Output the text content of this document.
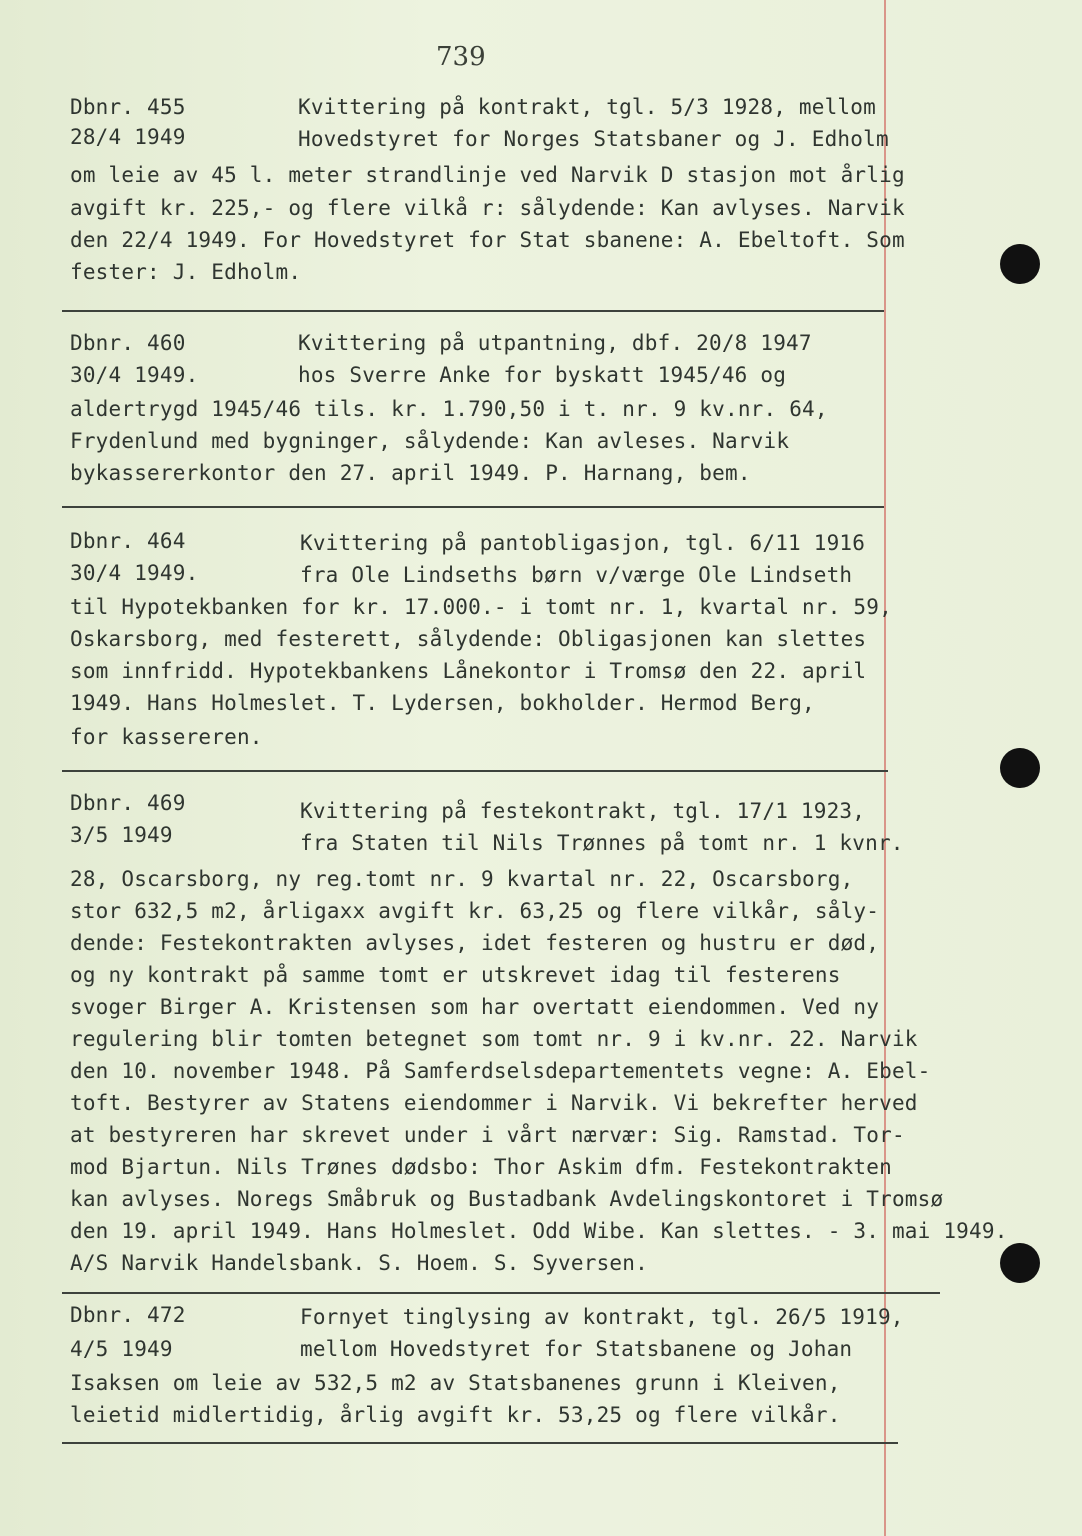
739
Dbnr. 455
28/4 1949
Kvittering på kontrakt, tgl. 5/3 1928, mellom
Hovedstyret for Norges Statsbaner og J. Edholm
om leie av 45 l. meter strandlinje ved Narvik D stasjon mot årlig
avgift kr. 225,- og flere vilkå r: sålydende: Kan avlyses. Narvik
den 22/4 1949. For Hovedstyret for Stat sbanene: A. Ebeltoft. Som
fester: J. Edholm.
Dbnr. 460
30/4 1949.
Kvittering på utpantning, dbf. 20/8 1947
hos Sverre Anke for byskatt 1945/46 og
aldertrygd 1945/46 tils. kr. 1.790,50 i t. nr. 9 kv.nr. 64,
Frydenlund med bygninger, sålydende: Kan avleses. Narvik
bykassererkontor den 27. april 1949. P. Harnang, bem.
Dbnr. 464
30/4 1949.
Kvittering på pantobligasjon, tgl. 6/11 1916
fra Ole Lindseths børn v/værge Ole Lindseth
til Hypotekbanken for kr. 17.000.- i tomt nr. 1, kvartal nr. 59,
Oskarsborg, med festerett, sålydende: Obligasjonen kan slettes
som innfridd. Hypotekbankens Lånekontor i Tromsø den 22. april
1949. Hans Holmeslet. T. Lydersen, bokholder. Hermod Berg,
for kassereren.
Dbnr. 469
3/5 1949
Kvittering på festekontrakt, tgl. 17/1 1923,
fra Staten til Nils Trønnes på tomt nr. 1 kvnr.
28, Oscarsborg, ny reg.tomt nr. 9 kvartal nr. 22, Oscarsborg,
stor 632,5 m2, årligaxx avgift kr. 63,25 og flere vilkår, såly-
dende: Festekontrakten avlyses, idet festeren og hustru er død,
og ny kontrakt på samme tomt er utskrevet idag til festerens
svoger Birger A. Kristensen som har overtatt eiendommen. Ved ny
regulering blir tomten betegnet som tomt nr. 9 i kv.nr. 22. Narvik
den 10. november 1948. På Samferdselsdepartementets vegne: A. Ebel-
toft. Bestyrer av Statens eiendommer i Narvik. Vi bekrefter herved
at bestyreren har skrevet under i vårt nærvær: Sig. Ramstad. Tor-
mod Bjartun. Nils Trønes dødsbo: Thor Askim dfm. Festekontrakten
kan avlyses. Noregs Småbruk og Bustadbank Avdelingskontoret i Tromsø
den 19. april 1949. Hans Holmeslet. Odd Wibe. Kan slettes. - 3. mai 1949.
A/S Narvik Handelsbank. S. Hoem. S. Syversen.
Dbnr. 472
4/5 1949
Fornyet tinglysing av kontrakt, tgl. 26/5 1919,
mellom Hovedstyret for Statsbanene og Johan
Isaksen om leie av 532,5 m2 av Statsbanenes grunn i Kleiven,
leietid midlertidig, årlig avgift kr. 53,25 og flere vilkår.
